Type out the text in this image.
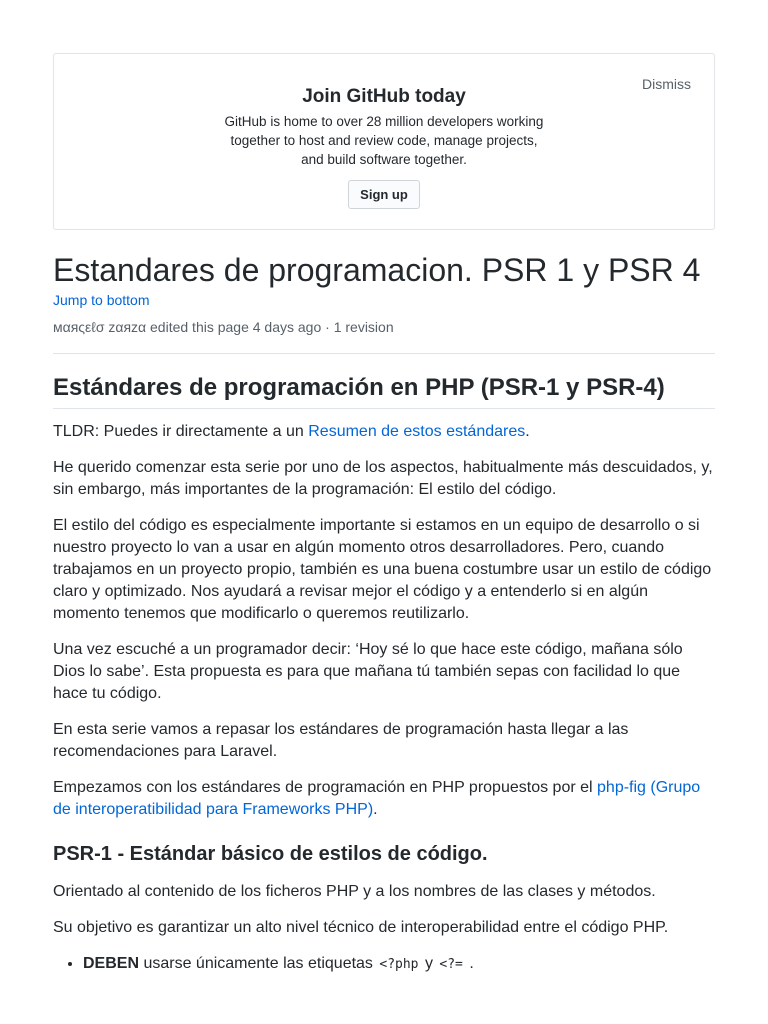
Dismiss
Join GitHub today
GitHub is home to over 28 million developers working together to host and review code, manage projects, and build software together.
Sign up
Estandares de programacion. PSR 1 y PSR 4
Jump to bottom
мαяςεℓσ zαяzα edited this page 4 days ago · 1 revision
Estándares de programación en PHP (PSR-1 y PSR-4)

TLDR: Puedes ir directamente a un Resumen de estos estándares.

He querido comenzar esta serie por uno de los aspectos, habitualmente más descuidados, y, sin embargo, más importantes de la programación: El estilo del código.

El estilo del código es especialmente importante si estamos en un equipo de desarrollo o si nuestro proyecto lo van a usar en algún momento otros desarrolladores. Pero, cuando trabajamos en un proyecto propio, también es una buena costumbre usar un estilo de código claro y optimizado. Nos ayudará a revisar mejor el código y a entenderlo si en algún momento tenemos que modificarlo o queremos reutilizarlo.

Una vez escuché a un programador decir: ‘Hoy sé lo que hace este código, mañana sólo Dios lo sabe’. Esta propuesta es para que mañana tú también sepas con facilidad lo que hace tu código.

En esta serie vamos a repasar los estándares de programación hasta llegar a las recomendaciones para Laravel.

Empezamos con los estándares de programación en PHP propuestos por el php-fig (Grupo de interoperatibilidad para Frameworks PHP).

PSR-1 - Estándar básico de estilos de código.

Orientado al contenido de los ficheros PHP y a los nombres de las clases y métodos.

Su objetivo es garantizar un alto nivel técnico de interoperabilidad entre el código PHP.

• DEBEN usarse únicamente las etiquetas <?php y <?= .
